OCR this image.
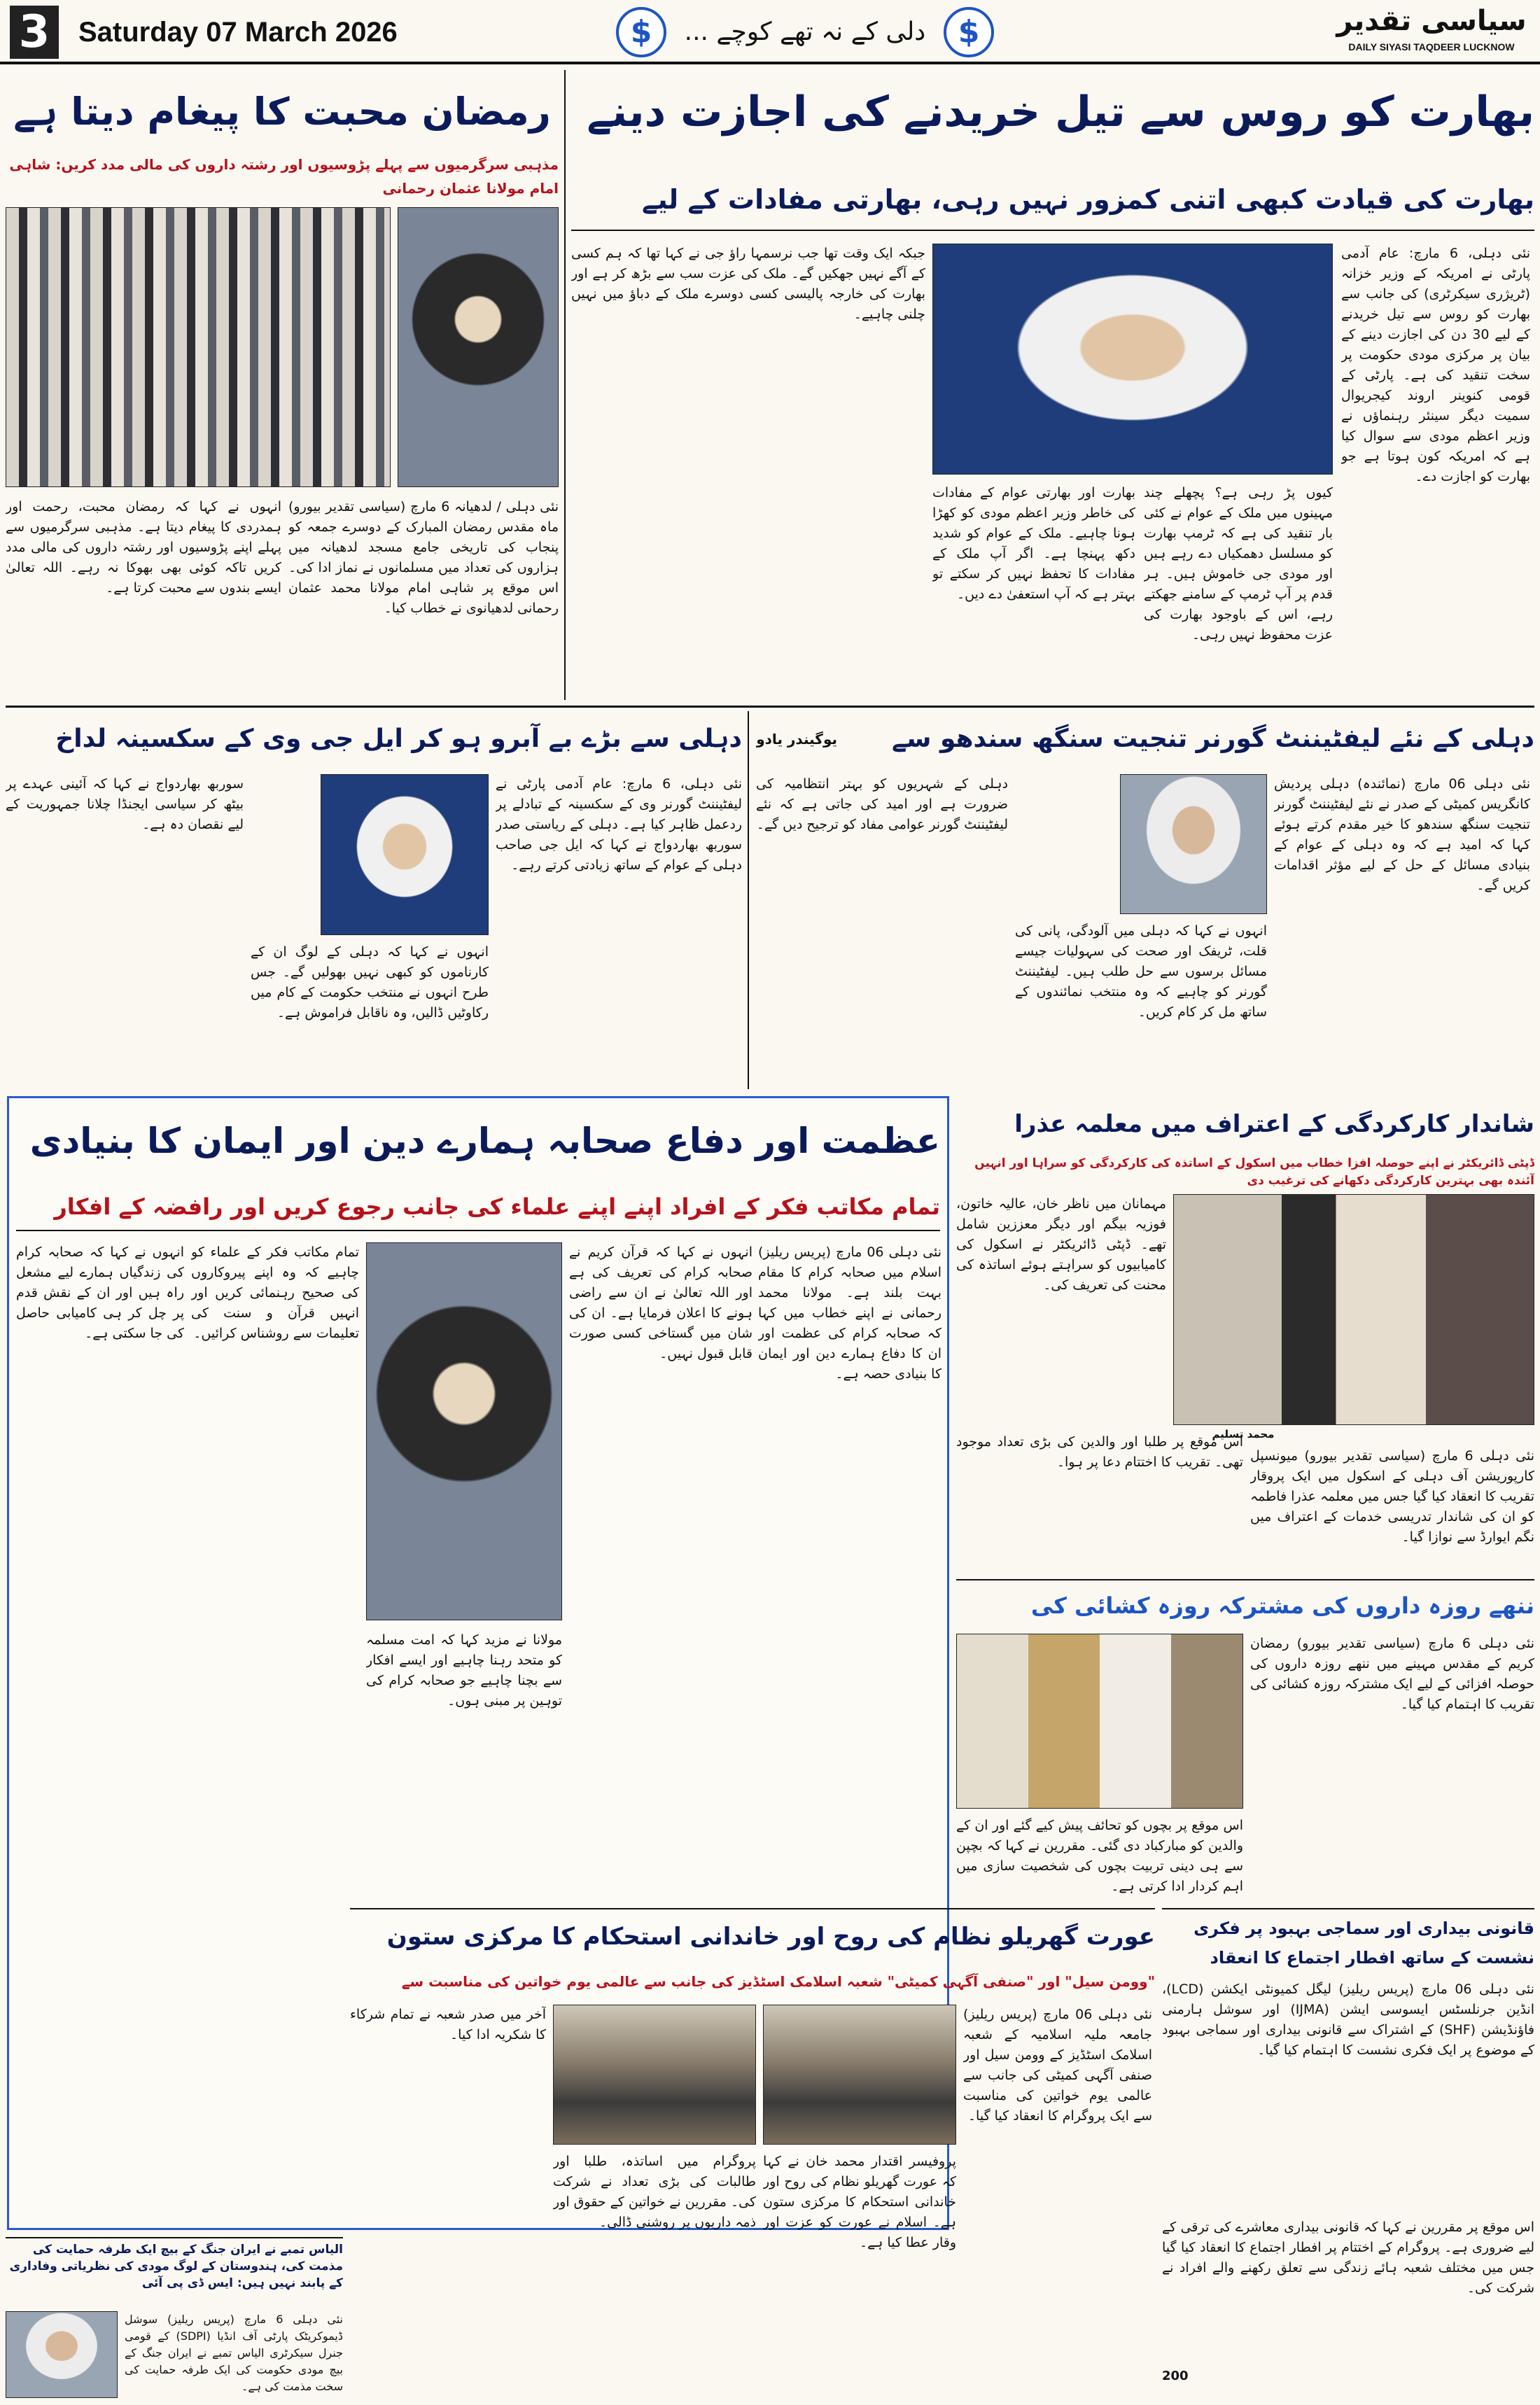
3	Saturday 07 March 2026	$	دلی کے نہ تھے کوچے ...	$	سیاسی تقدیر
DAILY SIYASI TAQDEER LUCKNOW
بھارت کو روس سے تیل خریدنے کی اجازت دینے
بھارت کی قیادت کبھی اتنی کمزور نہیں رہی، بھارتی مفادات کے لیے
نئی دہلی، 6 مارچ: عام آدمی پارٹی نے امریکہ کے وزیر خزانہ (ٹریژری سیکرٹری) کی جانب سے بھارت کو روس سے تیل خریدنے کے لیے 30 دن کی اجازت دینے کے بیان پر مرکزی مودی حکومت پر سخت تنقید کی ہے۔ پارٹی کے قومی کنوینر اروند کیجریوال سمیت دیگر سینئر رہنماؤں نے وزیر اعظم مودی سے سوال کیا ہے کہ امریکہ کون ہوتا ہے جو بھارت کو اجازت دے۔
کیوں پڑ رہی ہے؟ پچھلے چند مہینوں میں ملک کے عوام نے کئی بار تنقید کی ہے کہ ٹرمپ بھارت کو مسلسل دھمکیاں دے رہے ہیں اور مودی جی خاموش ہیں۔ ہر قدم پر آپ ٹرمپ کے سامنے جھکتے رہے، اس کے باوجود بھارت کی عزت محفوظ نہیں رہی۔
بھارت اور بھارتی عوام کے مفادات کی خاطر وزیر اعظم مودی کو کھڑا ہونا چاہیے۔ ملک کے عوام کو شدید دکھ پہنچا ہے۔ اگر آپ ملک کے مفادات کا تحفظ نہیں کر سکتے تو بہتر ہے کہ آپ استعفیٰ دے دیں۔
جبکہ ایک وقت تھا جب نرسمہا راؤ جی نے کہا تھا کہ ہم کسی کے آگے نہیں جھکیں گے۔ ملک کی عزت سب سے بڑھ کر ہے اور بھارت کی خارجہ پالیسی کسی دوسرے ملک کے دباؤ میں نہیں چلنی چاہیے۔
رمضان محبت کا پیغام دیتا ہے
مذہبی سرگرمیوں سے پہلے پڑوسیوں اور رشتہ داروں کی مالی مدد کریں: شاہی امام مولانا عثمان رحمانی
نئی دہلی / لدھیانہ 6 مارچ (سیاسی تقدیر بیورو) ماہ مقدس رمضان المبارک کے دوسرے جمعہ کو پنجاب کی تاریخی جامع مسجد لدھیانہ میں ہزاروں کی تعداد میں مسلمانوں نے نماز ادا کی۔ اس موقع پر شاہی امام مولانا محمد عثمان رحمانی لدھیانوی نے خطاب کیا۔
انہوں نے کہا کہ رمضان محبت، رحمت اور ہمدردی کا پیغام دیتا ہے۔ مذہبی سرگرمیوں سے پہلے اپنے پڑوسیوں اور رشتہ داروں کی مالی مدد کریں تاکہ کوئی بھی بھوکا نہ رہے۔ اللہ تعالیٰ ایسے بندوں سے محبت کرتا ہے۔
دہلی کے نئے لیفٹیننٹ گورنر تنجیت سنگھ سندھو سے
یوگیندر یادو
نئی دہلی 06 مارچ (نمائندہ) دہلی پردیش کانگریس کمیٹی کے صدر نے نئے لیفٹیننٹ گورنر تنجیت سنگھ سندھو کا خیر مقدم کرتے ہوئے کہا کہ امید ہے کہ وہ دہلی کے عوام کے بنیادی مسائل کے حل کے لیے مؤثر اقدامات کریں گے۔
انہوں نے کہا کہ دہلی میں آلودگی، پانی کی قلت، ٹریفک اور صحت کی سہولیات جیسے مسائل برسوں سے حل طلب ہیں۔ لیفٹیننٹ گورنر کو چاہیے کہ وہ منتخب نمائندوں کے ساتھ مل کر کام کریں۔
دہلی کے شہریوں کو بہتر انتظامیہ کی ضرورت ہے اور امید کی جاتی ہے کہ نئے لیفٹیننٹ گورنر عوامی مفاد کو ترجیح دیں گے۔
دہلی سے بڑے بے آبرو ہو کر ایل جی وی کے سکسینہ لداخ
نئی دہلی، 6 مارچ: عام آدمی پارٹی نے لیفٹیننٹ گورنر وی کے سکسینہ کے تبادلے پر ردعمل ظاہر کیا ہے۔ دہلی کے ریاستی صدر سوربھ بھاردواج نے کہا کہ ایل جی صاحب دہلی کے عوام کے ساتھ زیادتی کرتے رہے۔
انہوں نے کہا کہ دہلی کے لوگ ان کے کارناموں کو کبھی نہیں بھولیں گے۔ جس طرح انہوں نے منتخب حکومت کے کام میں رکاوٹیں ڈالیں، وہ ناقابل فراموش ہے۔
سوربھ بھاردواج نے کہا کہ آئینی عہدے پر بیٹھ کر سیاسی ایجنڈا چلانا جمہوریت کے لیے نقصان دہ ہے۔
عظمت اور دفاع صحابہ ہمارے دین اور ایمان کا بنیادی
تمام مکاتب فکر کے افراد اپنے اپنے علماء کی جانب رجوع کریں اور رافضہ کے افکار
نئی دہلی 06 مارچ (پریس ریلیز) اسلام میں صحابہ کرام کا مقام بہت بلند ہے۔ مولانا محمد رحمانی نے اپنے خطاب میں کہا کہ صحابہ کرام کی عظمت اور ان کا دفاع ہمارے دین اور ایمان کا بنیادی حصہ ہے۔
انہوں نے کہا کہ قرآن کریم نے صحابہ کرام کی تعریف کی ہے اور اللہ تعالیٰ نے ان سے راضی ہونے کا اعلان فرمایا ہے۔ ان کی شان میں گستاخی کسی صورت قابل قبول نہیں۔
مولانا نے مزید کہا کہ امت مسلمہ کو متحد رہنا چاہیے اور ایسے افکار سے بچنا چاہیے جو صحابہ کرام کی توہین پر مبنی ہوں۔
تمام مکاتب فکر کے علماء کو چاہیے کہ وہ اپنے پیروکاروں کی صحیح رہنمائی کریں اور انہیں قرآن و سنت کی تعلیمات سے روشناس کرائیں۔
انہوں نے کہا کہ صحابہ کرام کی زندگیاں ہمارے لیے مشعل راہ ہیں اور ان کے نقش قدم پر چل کر ہی کامیابی حاصل کی جا سکتی ہے۔
شاندار کارکردگی کے اعتراف میں معلمہ عذرا
ڈپٹی ڈائریکٹر نے اپنے حوصلہ افزا خطاب میں اسکول کے اساتذہ کی کارکردگی کو سراہا اور انہیں آئندہ بھی بہترین کارکردگی دکھانے کی ترغیب دی
مہمانان میں ناظر خان، عالیہ خاتون، فوزیہ بیگم اور دیگر معززین شامل تھے۔ ڈپٹی ڈائریکٹر نے اسکول کی کامیابیوں کو سراہتے ہوئے اساتذہ کی محنت کی تعریف کی۔
محمد تسلیم
نئی دہلی 6 مارچ (سیاسی تقدیر بیورو) میونسپل کارپوریشن آف دہلی کے اسکول میں ایک پروقار تقریب کا انعقاد کیا گیا جس میں معلمہ عذرا فاطمہ کو ان کی شاندار تدریسی خدمات کے اعتراف میں نگم ایوارڈ سے نوازا گیا۔
اس موقع پر طلبا اور والدین کی بڑی تعداد موجود تھی۔ تقریب کا اختتام دعا پر ہوا۔
ننھے روزہ داروں کی مشترکہ روزہ کشائی کی
نئی دہلی 6 مارچ (سیاسی تقدیر بیورو) رمضان کریم کے مقدس مہینے میں ننھے روزہ داروں کی حوصلہ افزائی کے لیے ایک مشترکہ روزہ کشائی کی تقریب کا اہتمام کیا گیا۔
اس موقع پر بچوں کو تحائف پیش کیے گئے اور ان کے والدین کو مبارکباد دی گئی۔ مقررین نے کہا کہ بچپن سے ہی دینی تربیت بچوں کی شخصیت سازی میں اہم کردار ادا کرتی ہے۔
قانونی بیداری اور سماجی بہبود پر فکری نشست کے ساتھ افطار اجتماع کا انعقاد
نئی دہلی 06 مارچ (پریس ریلیز) لیگل کمیونٹی ایکشن (LCD)، انڈین جرنلسٹس ایسوسی ایشن (IJMA) اور سوشل ہارمنی فاؤنڈیشن (SHF) کے اشتراک سے قانونی بیداری اور سماجی بہبود کے موضوع پر ایک فکری نشست کا اہتمام کیا گیا۔
اس موقع پر مقررین نے کہا کہ قانونی بیداری معاشرے کی ترقی کے لیے ضروری ہے۔ پروگرام کے اختتام پر افطار اجتماع کا انعقاد کیا گیا جس میں مختلف شعبہ ہائے زندگی سے تعلق رکھنے والے افراد نے شرکت کی۔
200
عورت گھریلو نظام کی روح اور خاندانی استحکام کا مرکزی ستون
"وومن سیل" اور "صنفی آگہی کمیٹی" شعبہ اسلامک اسٹڈیز کی جانب سے عالمی یوم خواتین کی مناسبت سے
نئی دہلی 06 مارچ (پریس ریلیز) جامعہ ملیہ اسلامیہ کے شعبہ اسلامک اسٹڈیز کے وومن سیل اور صنفی آگہی کمیٹی کی جانب سے عالمی یوم خواتین کی مناسبت سے ایک پروگرام کا انعقاد کیا گیا۔
پروفیسر اقتدار محمد خان نے کہا کہ عورت گھریلو نظام کی روح اور خاندانی استحکام کا مرکزی ستون ہے۔ اسلام نے عورت کو عزت اور وقار عطا کیا ہے۔
پروگرام میں اساتذہ، طلبا اور طالبات کی بڑی تعداد نے شرکت کی۔ مقررین نے خواتین کے حقوق اور ذمہ داریوں پر روشنی ڈالی۔
آخر میں صدر شعبہ نے تمام شرکاء کا شکریہ ادا کیا۔
الیاس تمبے نے ایران جنگ کے بیچ ایک طرفہ حمایت کی مذمت کی، ہندوستان کے لوگ مودی کی نظریاتی وفاداری کے پابند نہیں ہیں: ایس ڈی پی آئی
نئی دہلی 6 مارچ (پریس ریلیز) سوشل ڈیموکریٹک پارٹی آف انڈیا (SDPI) کے قومی جنرل سیکرٹری الیاس تمبے نے ایران جنگ کے بیچ مودی حکومت کی ایک طرفہ حمایت کی سخت مذمت کی ہے۔
